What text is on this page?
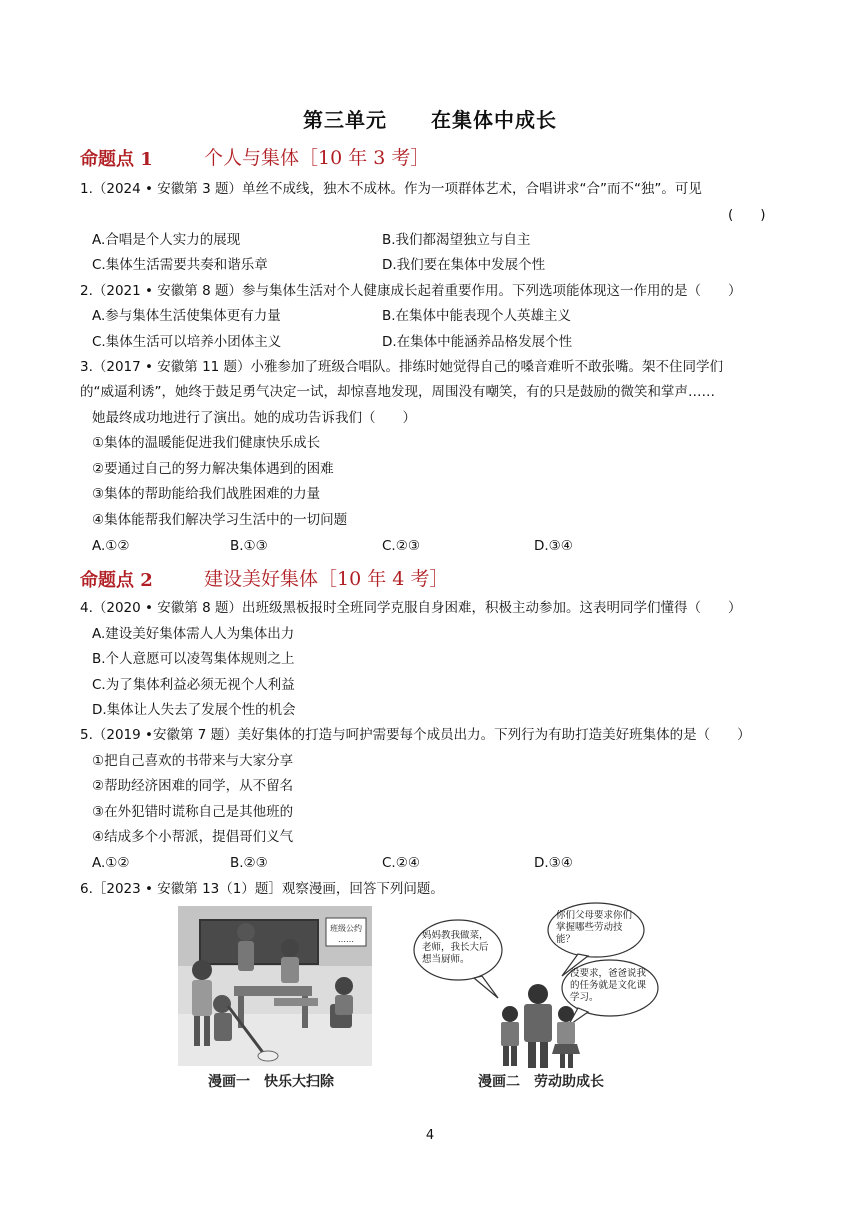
第三单元 在集体中成长
命题点 1	个人与集体［10 年 3 考］
1.（2024 • 安徽第 3 题）单丝不成线，独木不成林。作为一项群体艺术，合唱讲求“合”而不“独”。可见
(　　)
A.合唱是个人实力的展现	B.我们都渴望独立与自主
C.集体生活需要共奏和谐乐章	D.我们要在集体中发展个性
2.（2021 • 安徽第 8 题）参与集体生活对个人健康成长起着重要作用。下列选项能体现这一作用的是（　　）
A.参与集体生活使集体更有力量	B.在集体中能表现个人英雄主义
C.集体生活可以培养小团体主义	D.在集体中能涵养品格发展个性
3.（2017 • 安徽第 11 题）小雅参加了班级合唱队。排练时她觉得自己的嗓音难听不敢张嘴。架不住同学们
的“威逼利诱”，她终于鼓足勇气决定一试，却惊喜地发现，周围没有嘲笑，有的只是鼓励的微笑和掌声……
她最终成功地进行了演出。她的成功告诉我们（　　）
①集体的温暖能促进我们健康快乐成长
②要通过自己的努力解决集体遇到的困难
③集体的帮助能给我们战胜困难的力量
④集体能帮我们解决学习生活中的一切问题
A.①②	B.①③	C.②③	D.③④
命题点 2	建设美好集体［10 年 4 考］
4.（2020 • 安徽第 8 题）出班级黑板报时全班同学克服自身困难，积极主动参加。这表明同学们懂得（　　）
A.建设美好集体需人人为集体出力
B.个人意愿可以凌驾集体规则之上
C.为了集体利益必须无视个人利益
D.集体让人失去了发展个性的机会
5.（2019 •安徽第 7 题）美好集体的打造与呵护需要每个成员出力。下列行为有助打造美好班集体的是（　　）
①把自己喜欢的书带来与大家分享
②帮助经济困难的同学，从不留名
③在外犯错时谎称自己是其他班的
④结成多个小帮派，提倡哥们义气
A.①②	B.②③	C.②④	D.③④
6.［2023 • 安徽第 13（1）题］观察漫画，回答下列问题。
班级公约
……
漫画一　快乐大扫除
妈妈教我做菜，老师，我长大后想当厨师。
你们父母要求你们掌握哪些劳动技能？
没要求，爸爸说我的任务就是文化课学习。
漫画二　劳动助成长
4
